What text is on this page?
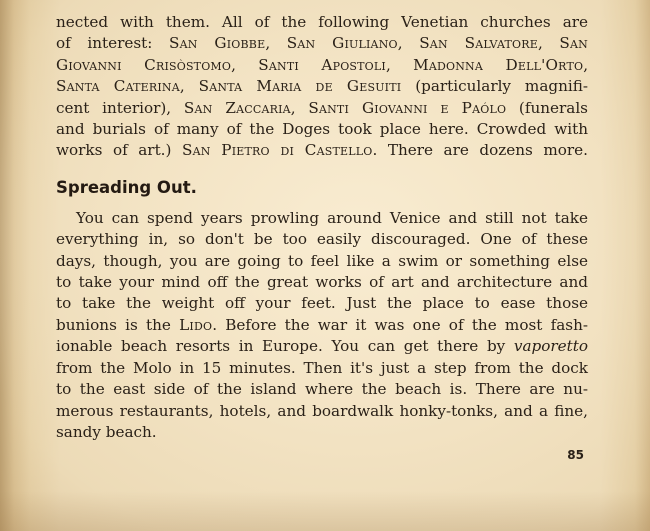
nected with them. All of the following Venetian churches are
of interest: San Giobbe, San Giuliano, San Salvatore, San
Giovanni Crisòstomo, Santi Apostoli, Madonna Dell'Orto,
Santa Caterina, Santa Maria de Gesuiti (particularly magnifi-
cent interior), San Zaccaria, Santi Giovanni e Paólo (funerals
and burials of many of the Doges took place here. Crowded with
works of art.) San Pietro di Castello. There are dozens more.

Spreading Out.

You can spend years prowling around Venice and still not take
everything in, so don't be too easily discouraged. One of these
days, though, you are going to feel like a swim or something else
to take your mind off the great works of art and architecture and
to take the weight off your feet. Just the place to ease those
bunions is the Lido. Before the war it was one of the most fash-
ionable beach resorts in Europe. You can get there by vaporetto
from the Molo in 15 minutes. Then it's just a step from the dock
to the east side of the island where the beach is. There are nu-
merous restaurants, hotels, and boardwalk honky-tonks, and a fine,
sandy beach.

85
